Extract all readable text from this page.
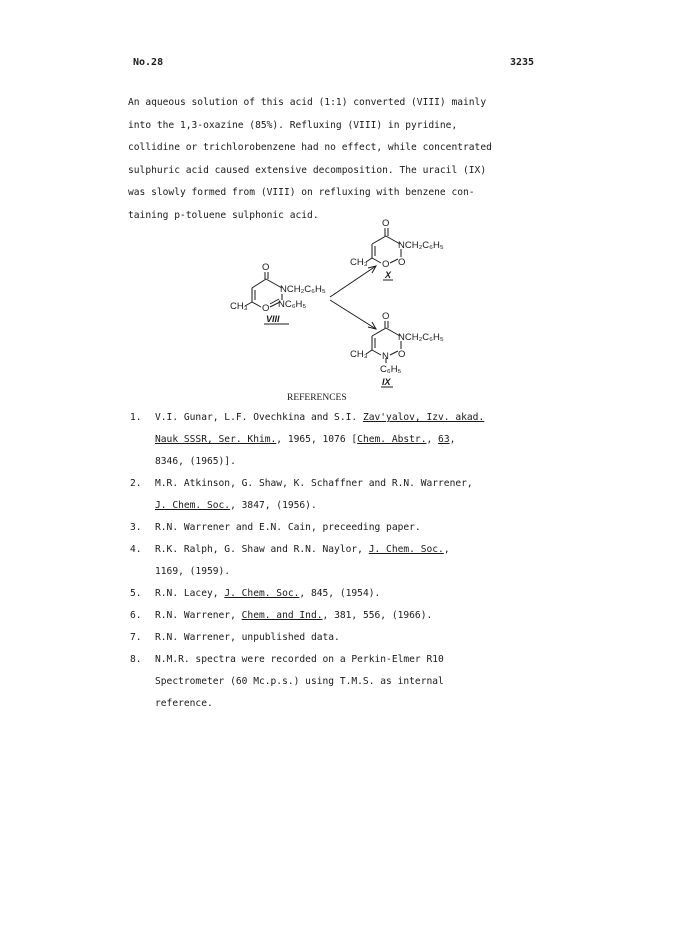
No.28	3235
An aqueous solution of this acid (1:1) converted (VIII) mainly
into the 1,3-oxazine (85%). Refluxing (VIII) in pyridine,
collidine or trichlorobenzene had no effect, while concentrated
sulphuric acid caused extensive decomposition. The uracil (IX)
was slowly formed from (VIII) on refluxing with benzene con-
taining p-toluene sulphonic acid.
O
NCH₂C₆H₅
CH₃ O NC₆H₅
VIII
O
NCH₂C₆H₅
CH₃ O O
X
O
NCH₂C₆H₅
CH₃ N O
C₆H₅
IX
REFERENCES
1.	V.I. Gunar, L.F. Ovechkina and S.I. Zav'yalov, Izv. akad.
Nauk SSSR, Ser. Khim., 1965, 1076 [Chem. Abstr., 63,
8346, (1965)].
2.	M.R. Atkinson, G. Shaw, K. Schaffner and R.N. Warrener,
J. Chem. Soc., 3847, (1956).
3.	R.N. Warrener and E.N. Cain, preceeding paper.
4.	R.K. Ralph, G. Shaw and R.N. Naylor, J. Chem. Soc.,
1169, (1959).
5.	R.N. Lacey, J. Chem. Soc., 845, (1954).
6.	R.N. Warrener, Chem. and Ind., 381, 556, (1966).
7.	R.N. Warrener, unpublished data.
8.	N.M.R. spectra were recorded on a Perkin-Elmer R10
Spectrometer (60 Mc.p.s.) using T.M.S. as internal
reference.
